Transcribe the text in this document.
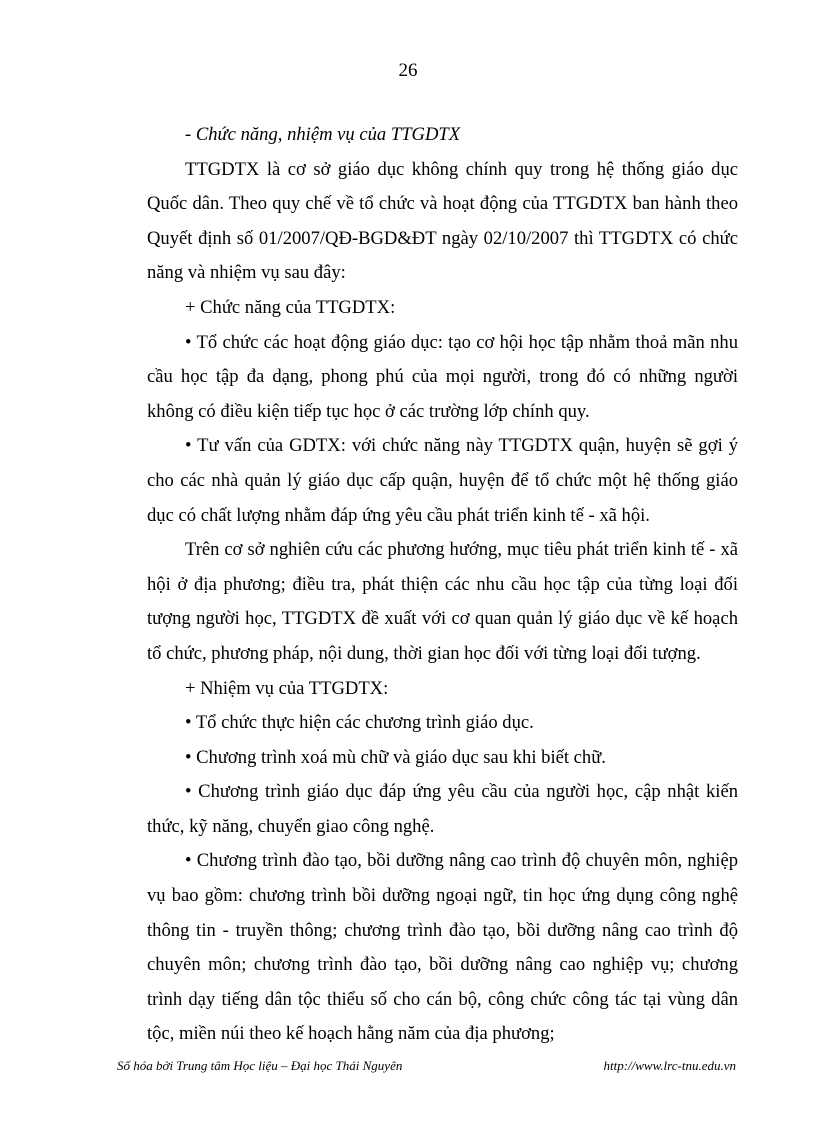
26

- Chức năng, nhiệm vụ của TTGDTX

TTGDTX là cơ sở giáo dục không chính quy trong hệ thống giáo dục Quốc dân. Theo quy chế về tổ chức và hoạt động của TTGDTX ban hành theo Quyết định số 01/2007/QĐ-BGD&ĐT ngày 02/10/2007 thì TTGDTX có chức năng và nhiệm vụ sau đây:

+ Chức năng của TTGDTX:

• Tổ chức các hoạt động giáo dục: tạo cơ hội học tập nhằm thoả mãn nhu cầu học tập đa dạng, phong phú của mọi người, trong đó có những người không có điều kiện tiếp tục học ở các trường lớp chính quy.

• Tư vấn của GDTX: với chức năng này TTGDTX quận, huyện sẽ gợi ý cho các nhà quản lý giáo dục cấp quận, huyện để tổ chức một hệ thống giáo dục có chất lượng nhằm đáp ứng yêu cầu phát triển kinh tế - xã hội.

Trên cơ sở nghiên cứu các phương hướng, mục tiêu phát triển kinh tế - xã hội ở địa phương; điều tra, phát thiện các nhu cầu học tập của từng loại đối tượng người học, TTGDTX đề xuất với cơ quan quản lý giáo dục về kế hoạch tổ chức, phương pháp, nội dung, thời gian học đối với từng loại đối tượng.

+ Nhiệm vụ của TTGDTX:

• Tổ chức thực hiện các chương trình giáo dục.

• Chương trình xoá mù chữ và giáo dục sau khi biết chữ.

• Chương trình giáo dục đáp ứng yêu cầu của người học, cập nhật kiến thức, kỹ năng, chuyển giao công nghệ.

• Chương trình đào tạo, bồi dưỡng nâng cao trình độ chuyên môn, nghiệp vụ bao gồm: chương trình bồi dưỡng ngoại ngữ, tin học ứng dụng công nghệ thông tin - truyền thông; chương trình đào tạo, bồi dưỡng nâng cao trình độ chuyên môn; chương trình đào tạo, bồi dưỡng nâng cao nghiệp vụ; chương trình dạy tiếng dân tộc thiểu số cho cán bộ, công chức công tác tại vùng dân tộc, miền núi theo kế hoạch hằng năm của địa phương;

Số hóa bởi Trung tâm Học liệu – Đại học Thái Nguyên	http://www.lrc-tnu.edu.vn
